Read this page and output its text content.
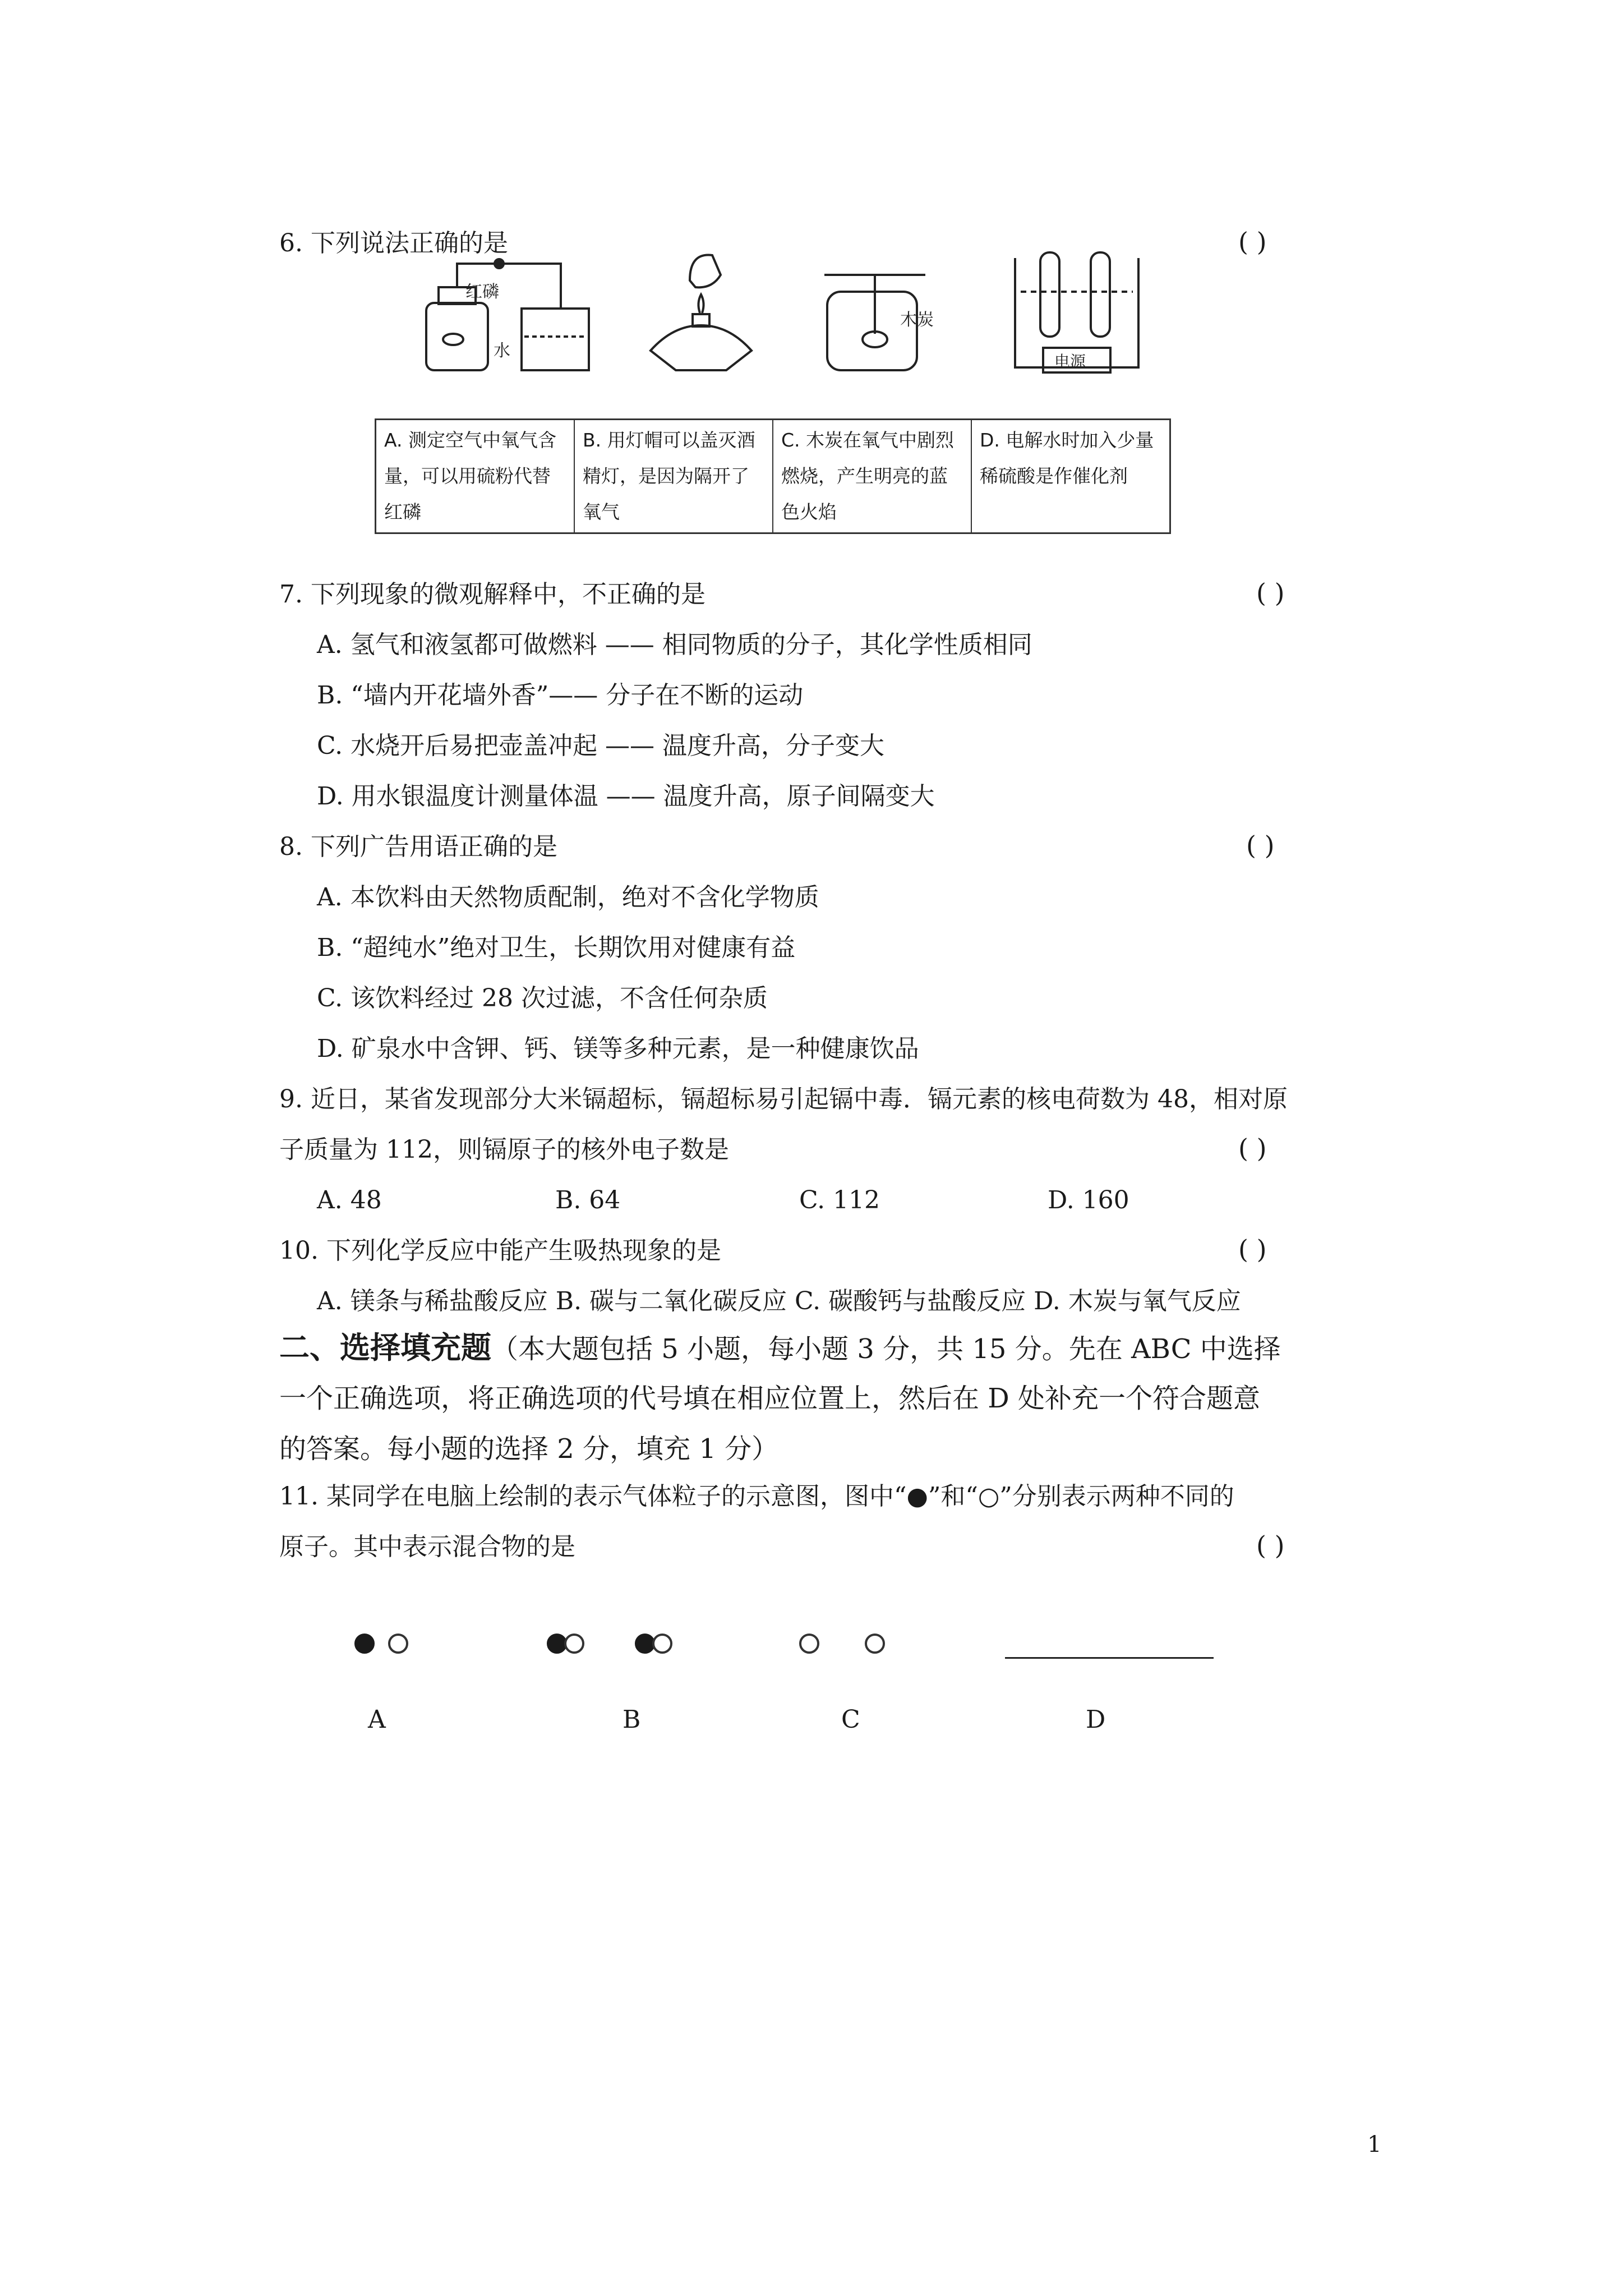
6. 下列说法正确的是	( )
红磷
水
木炭
电源
A. 测定空气中氧气含量，可以用硫粉代替红磷
B. 用灯帽可以盖灭酒精灯，是因为隔开了氧气
C. 木炭在氧气中剧烈燃烧，产生明亮的蓝色火焰
D. 电解水时加入少量稀硫酸是作催化剂
7. 下列现象的微观解释中，不正确的是	( )
A. 氢气和液氢都可做燃料 —— 相同物质的分子，其化学性质相同
B. “墙内开花墙外香”—— 分子在不断的运动
C. 水烧开后易把壶盖冲起 —— 温度升高，分子变大
D. 用水银温度计测量体温 —— 温度升高，原子间隔变大
8. 下列广告用语正确的是	( )
A. 本饮料由天然物质配制，绝对不含化学物质
B. “超纯水”绝对卫生，长期饮用对健康有益
C. 该饮料经过 28 次过滤，不含任何杂质
D. 矿泉水中含钾、钙、镁等多种元素，是一种健康饮品
9. 近日，某省发现部分大米镉超标，镉超标易引起镉中毒．镉元素的核电荷数为 48，相对原
子质量为 112，则镉原子的核外电子数是	( )
A. 48	B. 64	C. 112	D. 160
10. 下列化学反应中能产生吸热现象的是	( )
A. 镁条与稀盐酸反应 B. 碳与二氧化碳反应 C. 碳酸钙与盐酸反应 D. 木炭与氧气反应
二、选择填充题（本大题包括 5 小题，每小题 3 分，共 15 分。先在 ABC 中选择
一个正确选项，将正确选项的代号填在相应位置上，然后在 D 处补充一个符合题意
的答案。每小题的选择 2 分，填充 1 分）
11. 某同学在电脑上绘制的表示气体粒子的示意图，图中“●”和“○”分别表示两种不同的
原子。其中表示混合物的是	( )
A	B	C	D
1
